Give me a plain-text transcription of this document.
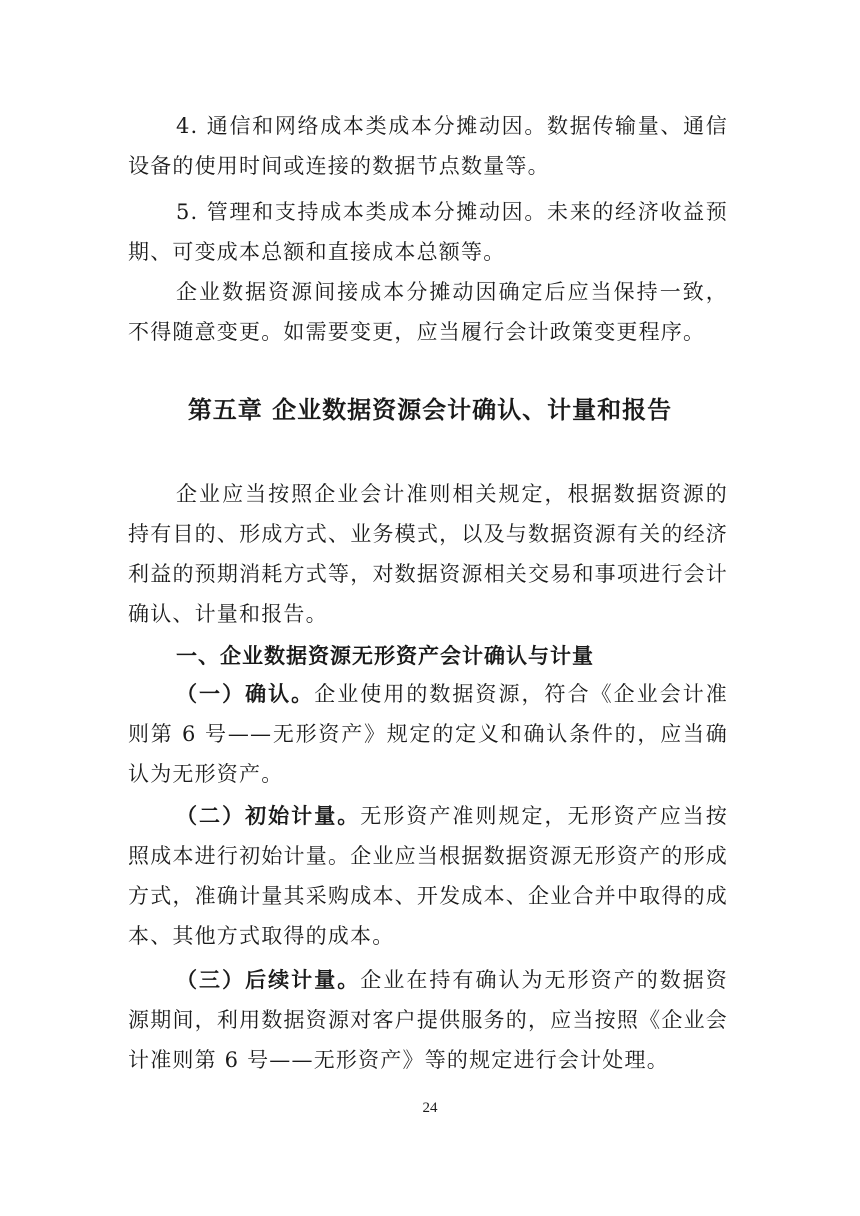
4. 通信和网络成本类成本分摊动因。数据传输量、通信设备的使用时间或连接的数据节点数量等。

5. 管理和支持成本类成本分摊动因。未来的经济收益预期、可变成本总额和直接成本总额等。

企业数据资源间接成本分摊动因确定后应当保持一致，不得随意变更。如需要变更，应当履行会计政策变更程序。

第五章 企业数据资源会计确认、计量和报告

企业应当按照企业会计准则相关规定，根据数据资源的持有目的、形成方式、业务模式，以及与数据资源有关的经济利益的预期消耗方式等，对数据资源相关交易和事项进行会计确认、计量和报告。

一、企业数据资源无形资产会计确认与计量

（一）确认。企业使用的数据资源，符合《企业会计准则第 6 号——无形资产》规定的定义和确认条件的，应当确认为无形资产。

（二）初始计量。无形资产准则规定，无形资产应当按照成本进行初始计量。企业应当根据数据资源无形资产的形成方式，准确计量其采购成本、开发成本、企业合并中取得的成本、其他方式取得的成本。

（三）后续计量。企业在持有确认为无形资产的数据资源期间，利用数据资源对客户提供服务的，应当按照《企业会计准则第 6 号——无形资产》等的规定进行会计处理。

24
